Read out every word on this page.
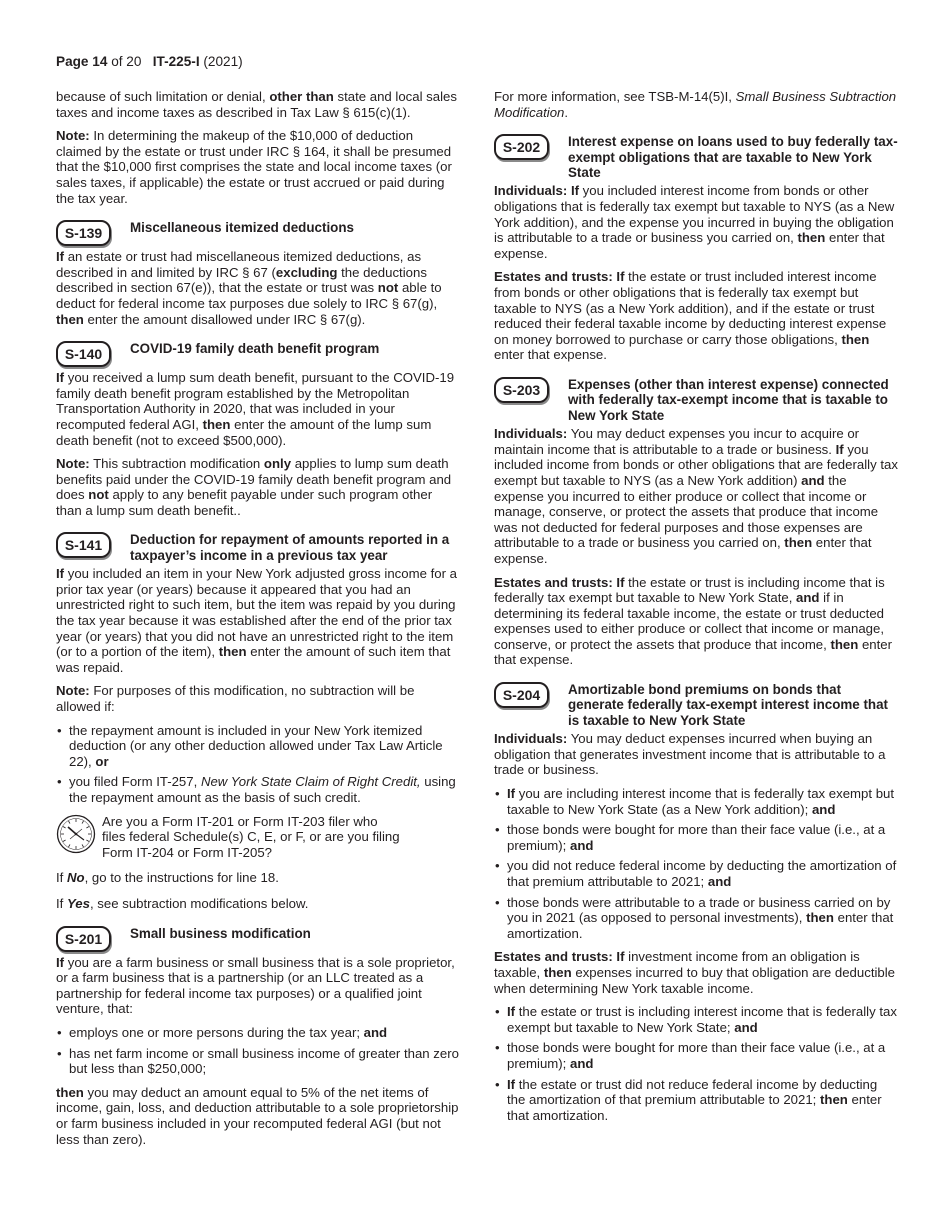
Page 14 of 20 IT-225-I (2021)

because of such limitation or denial, other than state and local sales taxes and income taxes as described in Tax Law § 615(c)(1).

Note: In determining the makeup of the $10,000 of deduction claimed by the estate or trust under IRC § 164, it shall be presumed that the $10,000 first comprises the state and local income taxes (or sales taxes, if applicable) the estate or trust accrued or paid during the tax year.

S-139	Miscellaneous itemized deductions

If an estate or trust had miscellaneous itemized deductions, as described in and limited by IRC § 67 (excluding the deductions described in section 67(e)), that the estate or trust was not able to deduct for federal income tax purposes due solely to IRC § 67(g), then enter the amount disallowed under IRC § 67(g).

S-140	COVID-19 family death benefit program

If you received a lump sum death benefit, pursuant to the COVID-19 family death benefit program established by the Metropolitan Transportation Authority in 2020, that was included in your recomputed federal AGI, then enter the amount of the lump sum death benefit (not to exceed $500,000).

Note: This subtraction modification only applies to lump sum death benefits paid under the COVID-19 family death benefit program and does not apply to any benefit payable under such program other than a lump sum death benefit..

S-141	Deduction for repayment of amounts reported in a taxpayer’s income in a previous tax year

If you included an item in your New York adjusted gross income for a prior tax year (or years) because it appeared that you had an unrestricted right to such item, but the item was repaid by you during the tax year because it was established after the end of the prior tax year (or years) that you did not have an unrestricted right to the item (or to a portion of the item), then enter the amount of such item that was repaid.

Note: For purposes of this modification, no subtraction will be allowed if:

• the repayment amount is included in your New York itemized deduction (or any other deduction allowed under Tax Law Article 22), or
• you filed Form IT-257, New York State Claim of Right Credit, using the repayment amount as the basis of such credit.
Are you a Form IT-201 or Form IT-203 filer who files federal Schedule(s) C, E, or F, or are you filing Form IT-204 or Form IT-205?

If No, go to the instructions for line 18.

If Yes, see subtraction modifications below.

S-201	Small business modification

If you are a farm business or small business that is a sole proprietor, or a farm business that is a partnership (or an LLC treated as a partnership for federal income tax purposes) or a qualified joint venture, that:

• employs one or more persons during the tax year; and
• has net farm income or small business income of greater than zero but less than $250,000;

then you may deduct an amount equal to 5% of the net items of income, gain, loss, and deduction attributable to a sole proprietorship or farm business included in your recomputed federal AGI (but not less than zero).

For more information, see TSB-M-14(5)I, Small Business Subtraction Modification.

S-202	Interest expense on loans used to buy federally tax-exempt obligations that are taxable to New York State

Individuals: If you included interest income from bonds or other obligations that is federally tax exempt but taxable to NYS (as a New York addition), and the expense you incurred in buying the obligation is attributable to a trade or business you carried on, then enter that expense.

Estates and trusts: If the estate or trust included interest income from bonds or other obligations that is federally tax exempt but taxable to NYS (as a New York addition), and if the estate or trust reduced their federal taxable income by deducting interest expense on money borrowed to purchase or carry those obligations, then enter that expense.

S-203	Expenses (other than interest expense) connected with federally tax-exempt income that is taxable to New York State

Individuals: You may deduct expenses you incur to acquire or maintain income that is attributable to a trade or business. If you included income from bonds or other obligations that are federally tax exempt but taxable to NYS (as a New York addition) and the expense you incurred to either produce or collect that income or manage, conserve, or protect the assets that produce that income was not deducted for federal purposes and those expenses are attributable to a trade or business you carried on, then enter that expense.

Estates and trusts: If the estate or trust is including income that is federally tax exempt but taxable to New York State, and if in determining its federal taxable income, the estate or trust deducted expenses used to either produce or collect that income or manage, conserve, or protect the assets that produce that income, then enter that expense.

S-204	Amortizable bond premiums on bonds that generate federally tax-exempt interest income that is taxable to New York State

Individuals: You may deduct expenses incurred when buying an obligation that generates investment income that is attributable to a trade or business.

• If you are including interest income that is federally tax exempt but taxable to New York State (as a New York addition); and
• those bonds were bought for more than their face value (i.e., at a premium); and
• you did not reduce federal income by deducting the amortization of that premium attributable to 2021; and
• those bonds were attributable to a trade or business carried on by you in 2021 (as opposed to personal investments), then enter that amortization.

Estates and trusts: If investment income from an obligation is taxable, then expenses incurred to buy that obligation are deductible when determining New York taxable income.

• If the estate or trust is including interest income that is federally tax exempt but taxable to New York State; and
• those bonds were bought for more than their face value (i.e., at a premium); and
• If the estate or trust did not reduce federal income by deducting the amortization of that premium attributable to 2021; then enter that amortization.
